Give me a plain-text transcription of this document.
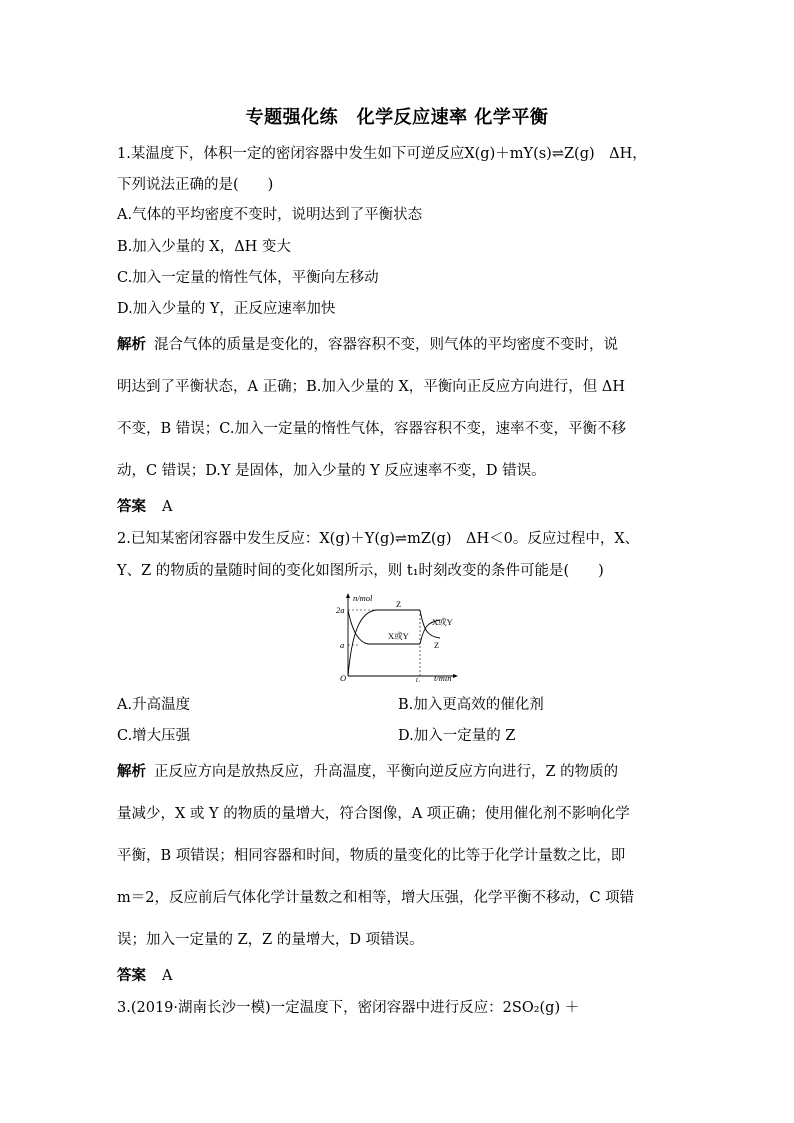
专题强化练　化学反应速率 化学平衡
1.某温度下，体积一定的密闭容器中发生如下可逆反应X(g)＋mY(s)⇌Z(g)　ΔH，
下列说法正确的是(　　)
A.气体的平均密度不变时，说明达到了平衡状态
B.加入少量的 X，ΔH 变大
C.加入一定量的惰性气体，平衡向左移动
D.加入少量的 Y，正反应速率加快
解析 混合气体的质量是变化的，容器容积不变，则气体的平均密度不变时，说
明达到了平衡状态，A 正确；B.加入少量的 X，平衡向正反应方向进行，但 ΔH
不变，B 错误；C.加入一定量的惰性气体，容器容积不变，速率不变，平衡不移
动，C 错误；D.Y 是固体，加入少量的 Y 反应速率不变，D 错误。
答案 A
2.已知某密闭容器中发生反应：X(g)＋Y(g)⇌mZ(g)　ΔH＜0。反应过程中，X、
Y、Z 的物质的量随时间的变化如图所示，则 t₁时刻改变的条件可能是(　　)
n/mol
2a
a
O	t₁ t/min
Z
X或Y
X或Y
Z
A.升高温度	B.加入更高效的催化剂
C.增大压强	D.加入一定量的 Z
解析 正反应方向是放热反应，升高温度，平衡向逆反应方向进行，Z 的物质的
量减少，X 或 Y 的物质的量增大，符合图像，A 项正确；使用催化剂不影响化学
平衡，B 项错误；相同容器和时间，物质的量变化的比等于化学计量数之比，即
m＝2，反应前后气体化学计量数之和相等，增大压强，化学平衡不移动，C 项错
误；加入一定量的 Z，Z 的量增大，D 项错误。
答案 A
3.(2019·湖南长沙一模)一定温度下，密闭容器中进行反应：2SO₂(g) ＋
